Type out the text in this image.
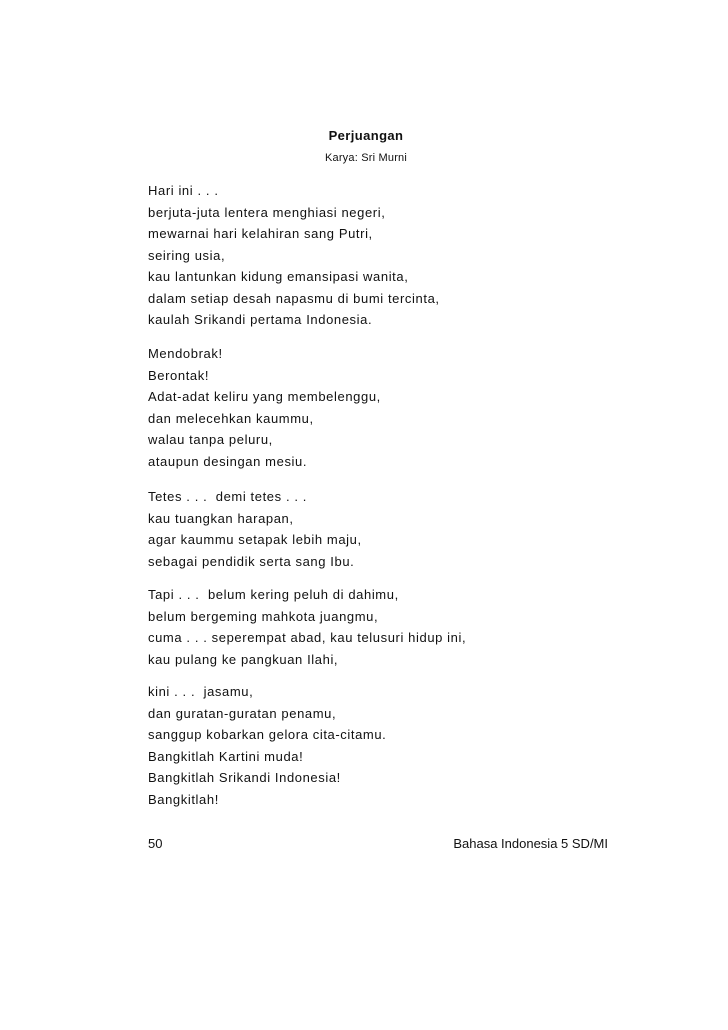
Perjuangan
Karya: Sri Murni
Hari ini . . .
berjuta-juta lentera menghiasi negeri,
mewarnai hari kelahiran sang Putri,
seiring usia,
kau lantunkan kidung emansipasi wanita,
dalam setiap desah napasmu di bumi tercinta,
kaulah Srikandi pertama Indonesia.
Mendobrak!
Berontak!
Adat-adat keliru yang membelenggu,
dan melecehkan kaummu,
walau tanpa peluru,
ataupun desingan mesiu.
Tetes . . .  demi tetes . . .
kau tuangkan harapan,
agar kaummu setapak lebih maju,
sebagai pendidik serta sang Ibu.
Tapi . . .  belum kering peluh di dahimu,
belum bergeming mahkota juangmu,
cuma . . . seperempat abad, kau telusuri hidup ini,
kau pulang ke pangkuan Ilahi,
kini . . .  jasamu,
dan guratan-guratan penamu,
sanggup kobarkan gelora cita-citamu.
Bangkitlah Kartini muda!
Bangkitlah Srikandi Indonesia!
Bangkitlah!
50	Bahasa Indonesia 5 SD/MI
